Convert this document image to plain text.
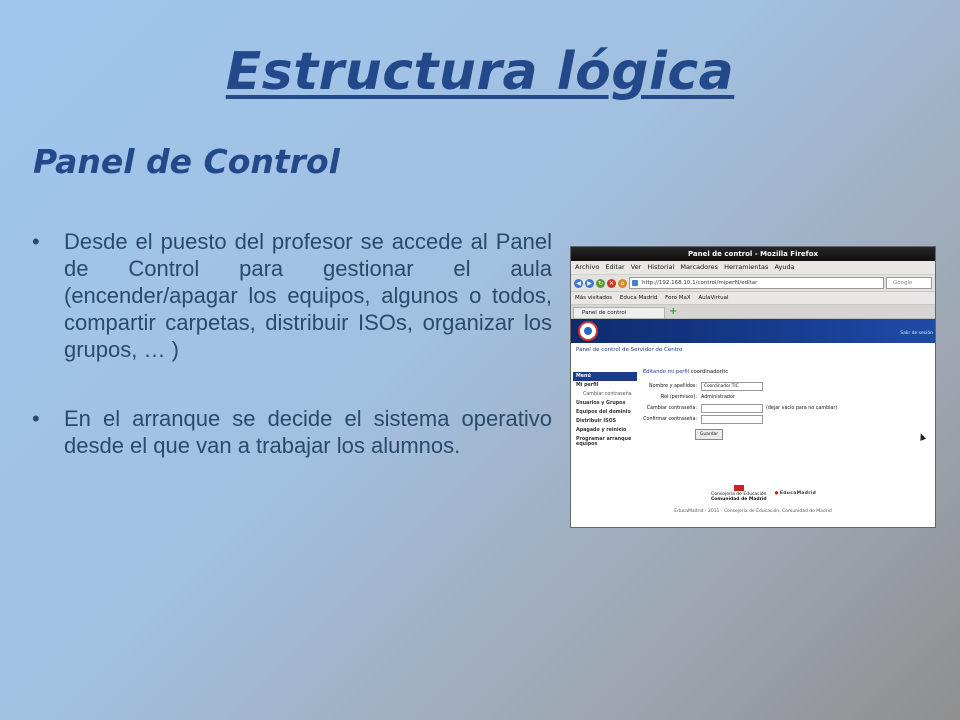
Estructura lógica
Panel de Control
• Desde el puesto del profesor se accede al Panel de Control para gestionar el aula (encender/apagar los equipos, algunos o todos, compartir carpetas, distribuir ISOs, organizar los grupos, … )
• En el arranque se decide el sistema operativo desde el que van a trabajar los alumnos.
Panel de control - Mozilla Firefox
Archivo Editar Ver Historial Marcadores Herramientas Ayuda
◀	▶	↻ ✕	⌂	http://192.168.10.1/control/miperfil/editar	Google
Más visitados Educa Madrid Foro MaX AulaVirtual
Panel de control	+
Salir de sesión
Panel de control de Servidor de Centro
Menú
Mi perfil
Cambiar contraseña
Usuarios y Grupos
Equipos del dominio
Distribuir ISOS
Apagado y reinicio
Programar arranque equipos
Editando mi perfil coordinadortic
Nombre y apellidos:	Coordinador TIC
Rol (permisos): Administrador
Cambiar contraseña:	(dejar vacío para no cambiar)
Confirmar contraseña:
Guardar
Consejería de Educación
Comunidad de Madrid
● EducaMadrid
EducaMadrid - 2011 - Consejería de Educación, Comunidad de Madrid
